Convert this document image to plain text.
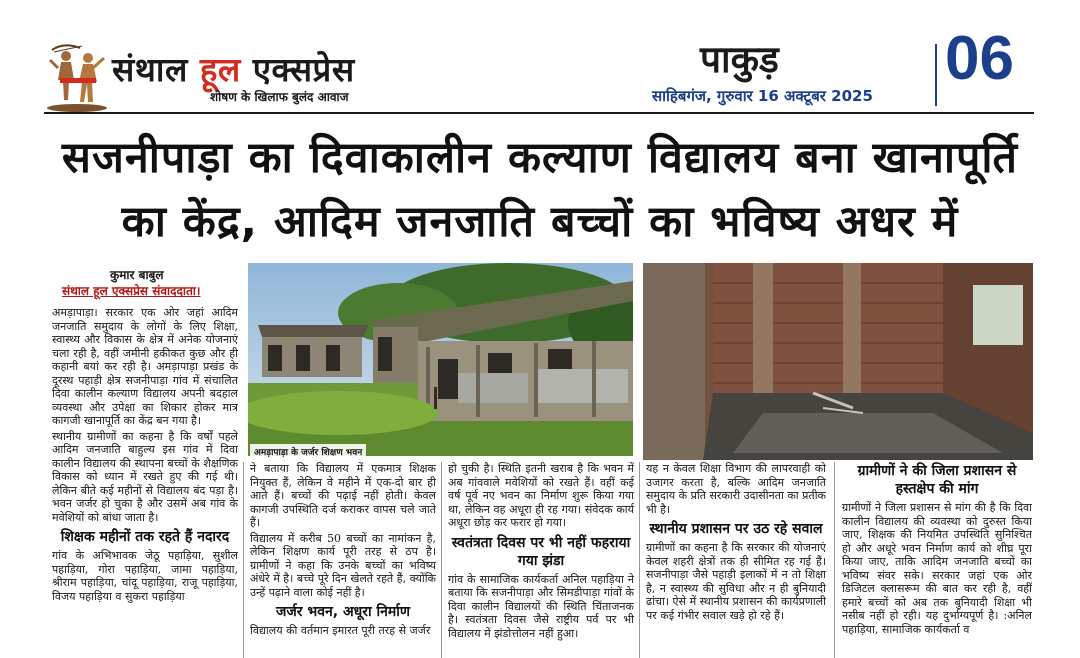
संथाल हूल एक्सप्रेस
शोषण के खिलाफ बुलंद आवाज
पाकुड़
साहिबगंज, गुरुवार 16 अक्टूबर 2025
06
सजनीपाड़ा का दिवाकालीन कल्याण विद्यालय बना खानापूर्ति
का केंद्र, आदिम जनजाति बच्चों का भविष्य अधर में
कुमार बाबुल
संथाल हूल एक्सप्रेस संवाददाता।

अमड़ापाड़ा। सरकार एक ओर जहां आदिम जनजाति समुदाय के लोगों के लिए शिक्षा, स्वास्थ्य और विकास के क्षेत्र में अनेक योजनाएं चला रही है, वहीं जमीनी हकीकत कुछ और ही कहानी बयां कर रही है। अमड़ापाड़ा प्रखंड के दूरस्थ पहाड़ी क्षेत्र सजनीपाड़ा गांव में संचालित दिवा कालीन कल्याण विद्यालय अपनी बदहाल व्यवस्था और उपेक्षा का शिकार होकर मात्र कागजी खानापूर्ति का केंद्र बन गया है।

स्थानीय ग्रामीणों का कहना है कि वर्षों पहले आदिम जनजाति बाहुल्य इस गांव में दिवा कालीन विद्यालय की स्थापना बच्चों के शैक्षणिक विकास को ध्यान में रखते हुए की गई थी। लेकिन बीते कई महीनों से विद्यालय बंद पड़ा है। भवन जर्जर हो चुका है और उसमें अब गांव के मवेशियों को बांधा जाता है।

शिक्षक महीनों तक रहते हैं नदारद

गांव के अभिभावक जेठू पहाड़िया, सुशील पहाड़िया, गोरा पहाड़िया, जामा पहाड़िया, श्रीराम पहाड़िया, चांदू पहाड़िया, राजू पहाड़िया, विजय पहाड़िया व सुकरा पहाड़िया

अमड़ापाड़ा के जर्जर शिक्षण भवन

ने बताया कि विद्यालय में एकमात्र शिक्षक नियुक्त हैं, लेकिन वे महीने में एक-दो बार ही आते हैं। बच्चों की पढ़ाई नहीं होती। केवल कागजी उपस्थिति दर्ज कराकर वापस चले जाते हैं।

विद्यालय में करीब 50 बच्चों का नामांकन है, लेकिन शिक्षण कार्य पूरी तरह से ठप है। ग्रामीणों ने कहा कि उनके बच्चों का भविष्य अंधेरे में है। बच्चे पूरे दिन खेलते रहते हैं, क्योंकि उन्हें पढ़ाने वाला कोई नहीं है।

जर्जर भवन, अधूरा निर्माण

विद्यालय की वर्तमान इमारत पूरी तरह से जर्जर

हो चुकी है। स्थिति इतनी खराब है कि भवन में अब गांववाले मवेशियों को रखते हैं। वहीं कई वर्ष पूर्व नए भवन का निर्माण शुरू किया गया था, लेकिन वह अधूरा ही रह गया। संवेदक कार्य अधूरा छोड़ कर फरार हो गया।

स्वतंत्रता दिवस पर भी नहीं फहराया गया झंडा

गांव के सामाजिक कार्यकर्ता अनिल पहाड़िया ने बताया कि सजनीपाड़ा और सिमडीपाड़ा गांवों के दिवा कालीन विद्यालयों की स्थिति चिंताजनक है। स्वतंत्रता दिवस जैसे राष्ट्रीय पर्व पर भी विद्यालय में झंडोत्तोलन नहीं हुआ।

यह न केवल शिक्षा विभाग की लापरवाही को उजागर करता है, बल्कि आदिम जनजाति समुदाय के प्रति सरकारी उदासीनता का प्रतीक भी है।

स्थानीय प्रशासन पर उठ रहे सवाल

ग्रामीणों का कहना है कि सरकार की योजनाएं केवल शहरी क्षेत्रों तक ही सीमित रह गई हैं। सजनीपाड़ा जैसे पहाड़ी इलाकों में न तो शिक्षा है, न स्वास्थ्य की सुविधा और न ही बुनियादी ढांचा। ऐसे में स्थानीय प्रशासन की कार्यप्रणाली पर कई गंभीर सवाल खड़े हो रहे हैं।

ग्रामीणों ने की जिला प्रशासन से हस्तक्षेप की मांग

ग्रामीणों ने जिला प्रशासन से मांग की है कि दिवा कालीन विद्यालय की व्यवस्था को दुरुस्त किया जाए, शिक्षक की नियमित उपस्थिति सुनिश्चित हो और अधूरे भवन निर्माण कार्य को शीघ्र पूरा किया जाए, ताकि आदिम जनजाति बच्चों का भविष्य संवर सके। सरकार जहां एक ओर डिजिटल क्लासरूम की बात कर रही है, वहीं हमारे बच्चों को अब तक बुनियादी शिक्षा भी नसीब नहीं हो रही। यह दुर्भाग्यपूर्ण है। :अनिल पहाड़िया, सामाजिक कार्यकर्ता व
